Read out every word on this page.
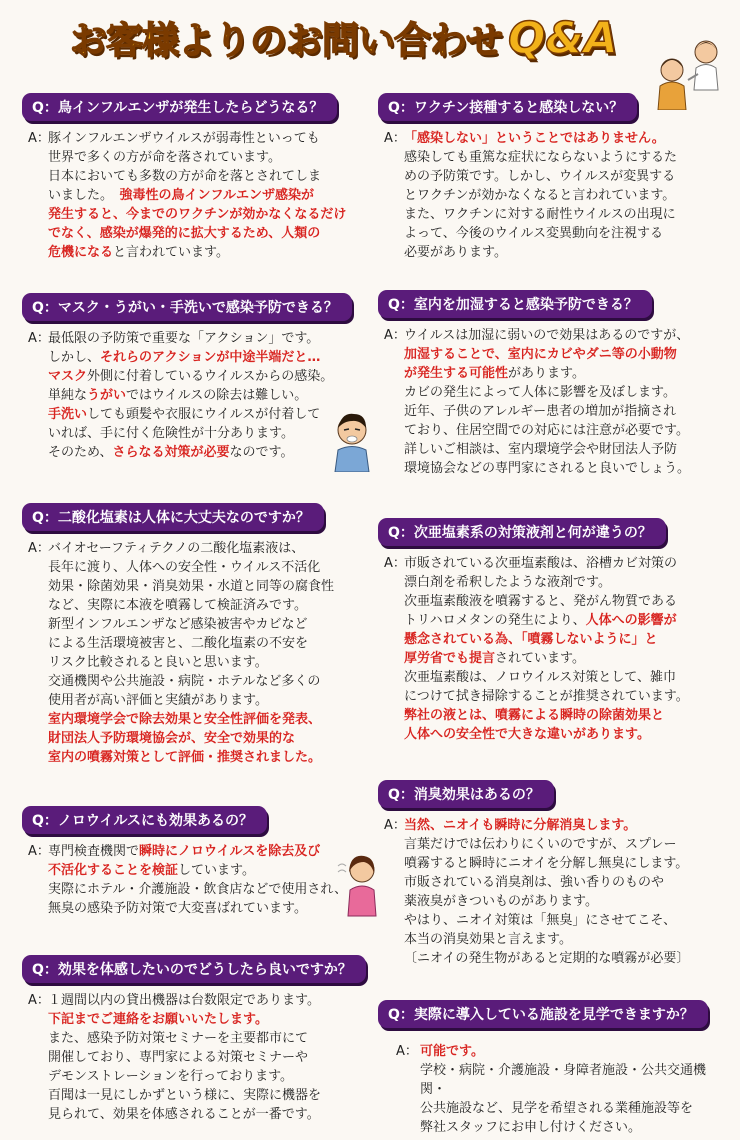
お客様よりのお問い合わせ Q&A
Q：鳥インフルエンザが発生したらどうなる？
A：

豚インフルエンザウイルスが弱毒性といっても

世界で多くの方が命を落されています。

日本においても多数の方が命を落とされてしま

いました。　強毒性の鳥インフルエンザ感染が

発生すると、今までのワクチンが効かなくなるだけ

でなく、感染が爆発的に拡大するため、人類の

危機になると言われています。

Q：マスク・うがい・手洗いで感染予防できる？
A：

最低限の予防策で重要な「アクション」です。

しかし、それらのアクションが中途半端だと…

マスク外側に付着しているウイルスからの感染。

単純なうがいではウイルスの除去は難しい。

手洗いしても頭髪や衣服にウイルスが付着して

いれば、手に付く危険性が十分あります。

そのため、さらなる対策が必要なのです。

Q：二酸化塩素は人体に大丈夫なのですか？
A：

バイオセーフティテクノの二酸化塩素液は、

長年に渡り、人体への安全性・ウイルス不活化

効果・除菌効果・消臭効果・水道と同等の腐食性

など、実際に本液を噴霧して検証済みです。

新型インフルエンザなど感染被害やカビなど

による生活環境被害と、二酸化塩素の不安を

リスク比較されると良いと思います。

交通機関や公共施設・病院・ホテルなど多くの

使用者が高い評価と実績があります。

室内環境学会で除去効果と安全性評価を発表、

財団法人予防環境協会が、安全で効果的な

室内の噴霧対策として評価・推奨されました。

Q：ノロウイルスにも効果あるの？
A：

専門検査機関で瞬時にノロウイルスを除去及び

不活化することを検証しています。

実際にホテル・介護施設・飲食店などで使用され、

無臭の感染予防対策で大変喜ばれています。

Q：効果を体感したいのでどうしたら良いですか？
A：

１週間以内の貸出機器は台数限定であります。

下記までご連絡をお願いいたします。

また、感染予防対策セミナーを主要都市にて

開催しており、専門家による対策セミナーや

デモンストレーションを行っております。

百聞は一見にしかずという様に、実際に機器を

見られて、効果を体感されることが一番です。

Q：ワクチン接種すると感染しない？
A：

「感染しない」ということではありません。

感染しても重篤な症状にならないようにするた

めの予防策です。しかし、ウイルスが変異する

とワクチンが効かなくなると言われています。

また、ワクチンに対する耐性ウイルスの出現に

よって、今後のウイルス変異動向を注視する

必要があります。

Q：室内を加湿すると感染予防できる？
A：

ウイルスは加湿に弱いので効果はあるのですが、

加湿することで、室内にカビやダニ等の小動物

が発生する可能性があります。

カビの発生によって人体に影響を及ぼします。

近年、子供のアレルギー患者の増加が指摘され

ており、住居空間での対応には注意が必要です。

詳しいご相談は、室内環境学会や財団法人予防

環境協会などの専門家にされると良いでしょう。

Q：次亜塩素系の対策液剤と何が違うの？
A：

市販されている次亜塩素酸は、浴槽カビ対策の

漂白剤を希釈したような液剤です。

次亜塩素酸液を噴霧すると、発がん物質である

トリハロメタンの発生により、人体への影響が

懸念されている為、「噴霧しないように」と

厚労省でも提言されています。

次亜塩素酸は、ノロウイルス対策として、雑巾

につけて拭き掃除することが推奨されています。

弊社の液とは、噴霧による瞬時の除菌効果と

人体への安全性で大きな違いがあります。

Q：消臭効果はあるの？
A：

当然、ニオイも瞬時に分解消臭します。

言葉だけでは伝わりにくいのですが、スプレー

噴霧すると瞬時にニオイを分解し無臭にします。

市販されている消臭剤は、強い香りのものや

薬液臭がきついものがあります。

やはり、ニオイ対策は「無臭」にさせてこそ、

本当の消臭効果と言えます。

〔ニオイの発生物があると定期的な噴霧が必要〕

Q：実際に導入している施設を見学できますか？
A： 可能です。

学校・病院・介護施設・身障者施設・公共交通機関・

公共施設など、見学を希望される業種施設等を

弊社スタッフにお申し付けください。
